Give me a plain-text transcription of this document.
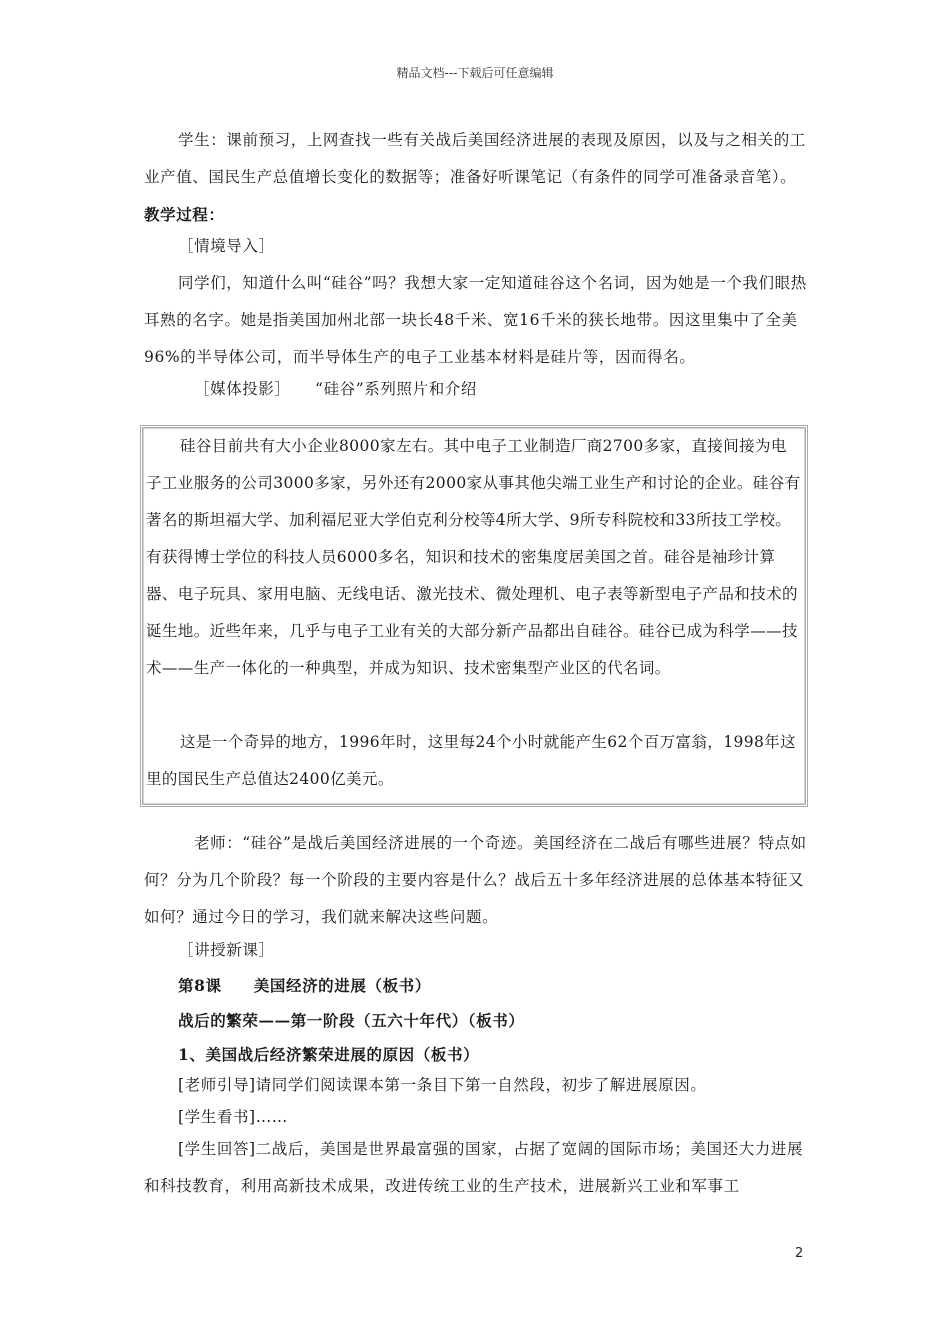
精品文档---下载后可任意编辑

学生：课前预习，上网查找一些有关战后美国经济进展的表现及原因，以及与之相关的工业产值、国民生产总值增长变化的数据等；准备好听课笔记（有条件的同学可准备录音笔）。教学过程：

［情境导入］

同学们，知道什么叫“硅谷”吗？我想大家一定知道硅谷这个名词，因为她是一个我们眼热耳熟的名字。她是指美国加州北部一块长48千米、宽16千米的狭长地带。因这里集中了全美96%的半导体公司，而半导体生产的电子工业基本材料是硅片等，因而得名。

［媒体投影］　　“硅谷”系列照片和介绍

硅谷目前共有大小企业8000家左右。其中电子工业制造厂商2700多家，直接间接为电子工业服务的公司3000多家，另外还有2000家从事其他尖端工业生产和讨论的企业。硅谷有著名的斯坦福大学、加利福尼亚大学伯克利分校等4所大学、9所专科院校和33所技工学校。有获得博士学位的科技人员6000多名，知识和技术的密集度居美国之首。硅谷是袖珍计算器、电子玩具、家用电脑、无线电话、激光技术、微处理机、电子表等新型电子产品和技术的诞生地。近些年来，几乎与电子工业有关的大部分新产品都出自硅谷。硅谷已成为科学——技术——生产一体化的一种典型，并成为知识、技术密集型产业区的代名词。

这是一个奇异的地方，1996年时，这里每24个小时就能产生62个百万富翁，1998年这里的国民生产总值达2400亿美元。

老师：“硅谷”是战后美国经济进展的一个奇迹。美国经济在二战后有哪些进展？特点如何？分为几个阶段？每一个阶段的主要内容是什么？战后五十多年经济进展的总体基本特征又如何？通过今日的学习，我们就来解决这些问题。

［讲授新课］

第8课　　美国经济的进展（板书）

战后的繁荣——第一阶段（五六十年代）（板书）

1、美国战后经济繁荣进展的原因（板书）

[老师引导]请同学们阅读课本第一条目下第一自然段，初步了解进展原因。

[学生看书]……

[学生回答]二战后，美国是世界最富强的国家，占据了宽阔的国际市场；美国还大力进展和科技教育，利用高新技术成果，改进传统工业的生产技术，进展新兴工业和军事工

2
